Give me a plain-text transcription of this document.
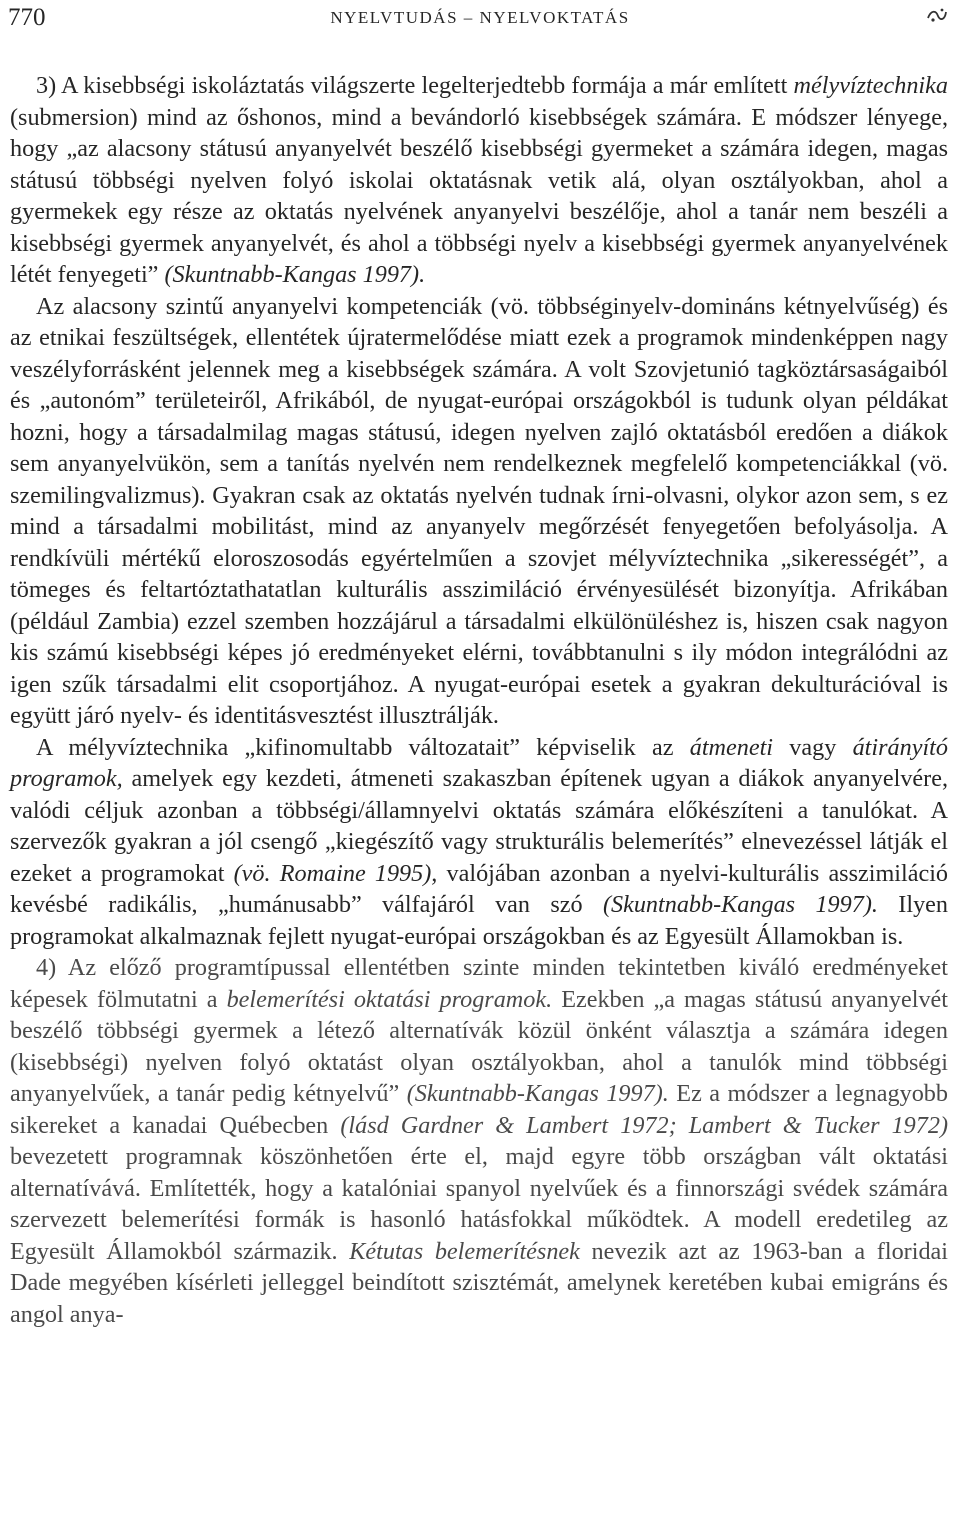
770	NYELVTUDÁS – NYELVOKTATÁS

3) A kisebbségi iskoláztatás világszerte legelterjedtebb formája a már említett mélyvíztechnika (submersion) mind az őshonos, mind a bevándorló kisebbségek számára. E módszer lényege, hogy „az alacsony státusú anyanyelvét beszélő kisebbségi gyermeket a számára idegen, magas státusú többségi nyelven folyó iskolai oktatásnak vetik alá, olyan osztályokban, ahol a gyermekek egy része az oktatás nyelvének anyanyelvi beszélője, ahol a tanár nem beszéli a kisebbségi gyermek anyanyelvét, és ahol a többségi nyelv a kisebbségi gyermek anyanyelvének létét fenyegeti” (Skuntnabb-Kangas 1997).

Az alacsony szintű anyanyelvi kompetenciák (vö. többséginyelv-domináns kétnyelvűség) és az etnikai feszültségek, ellentétek újratermelődése miatt ezek a programok mindenképpen nagy veszélyforrásként jelennek meg a kisebbségek számára. A volt Szovjetunió tagköztársaságaiból és „autonóm” területeiről, Afrikából, de nyugat-európai országokból is tudunk olyan példákat hozni, hogy a társadalmilag magas státusú, idegen nyelven zajló oktatásból eredően a diákok sem anyanyelvükön, sem a tanítás nyelvén nem rendelkeznek megfelelő kompetenciákkal (vö. szemilingvalizmus). Gyakran csak az oktatás nyelvén tudnak írni-olvasni, olykor azon sem, s ez mind a társadalmi mobilitást, mind az anyanyelv megőrzését fenyegetően befolyásolja. A rendkívüli mértékű eloroszosodás egyértelműen a szovjet mélyvíztechnika „sikerességét”, a tömeges és feltartóztathatatlan kulturális asszimiláció érvényesülését bizonyítja. Afrikában (például Zambia) ezzel szemben hozzájárul a társadalmi elkülönüléshez is, hiszen csak nagyon kis számú kisebbségi képes jó eredményeket elérni, továbbtanulni s ily módon integrálódni az igen szűk társadalmi elit csoportjához. A nyugat-európai esetek a gyakran dekulturációval is együtt járó nyelv- és identitásvesztést illusztrálják.

A mélyvíztechnika „kifinomultabb változatait” képviselik az átmeneti vagy átirányító programok, amelyek egy kezdeti, átmeneti szakaszban építenek ugyan a diákok anyanyelvére, valódi céljuk azonban a többségi/államnyelvi oktatás számára előkészíteni a tanulókat. A szervezők gyakran a jól csengő „kiegészítő vagy strukturális belemerítés” elnevezéssel látják el ezeket a programokat (vö. Romaine 1995), valójában azonban a nyelvi-kulturális asszimiláció kevésbé radikális, „humánusabb” válfajáról van szó (Skuntnabb-Kangas 1997). Ilyen programokat alkalmaznak fejlett nyugat-európai országokban és az Egyesült Államokban is.

4) Az előző programtípussal ellentétben szinte minden tekintetben kiváló eredményeket képesek fölmutatni a belemerítési oktatási programok. Ezekben „a magas státusú anyanyelvét beszélő többségi gyermek a létező alternatívák közül önként választja a számára idegen (kisebbségi) nyelven folyó oktatást olyan osztályokban, ahol a tanulók mind többségi anyanyelvűek, a tanár pedig kétnyelvű” (Skuntnabb-Kangas 1997). Ez a módszer a legnagyobb sikereket a kanadai Québecben (lásd Gardner & Lambert 1972; Lambert & Tucker 1972) bevezetett programnak köszönhetően érte el, majd egyre több országban vált oktatási alternatívává. Említették, hogy a katalóniai spanyol nyelvűek és a finnországi svédek számára szervezett belemerítési formák is hasonló hatásfokkal működtek. A modell eredetileg az Egyesült Államokból származik. Kétutas belemerítésnek nevezik azt az 1963-ban a floridai Dade megyében kísérleti jelleggel beindított szisztémát, amelynek keretében kubai emigráns és angol anya-
